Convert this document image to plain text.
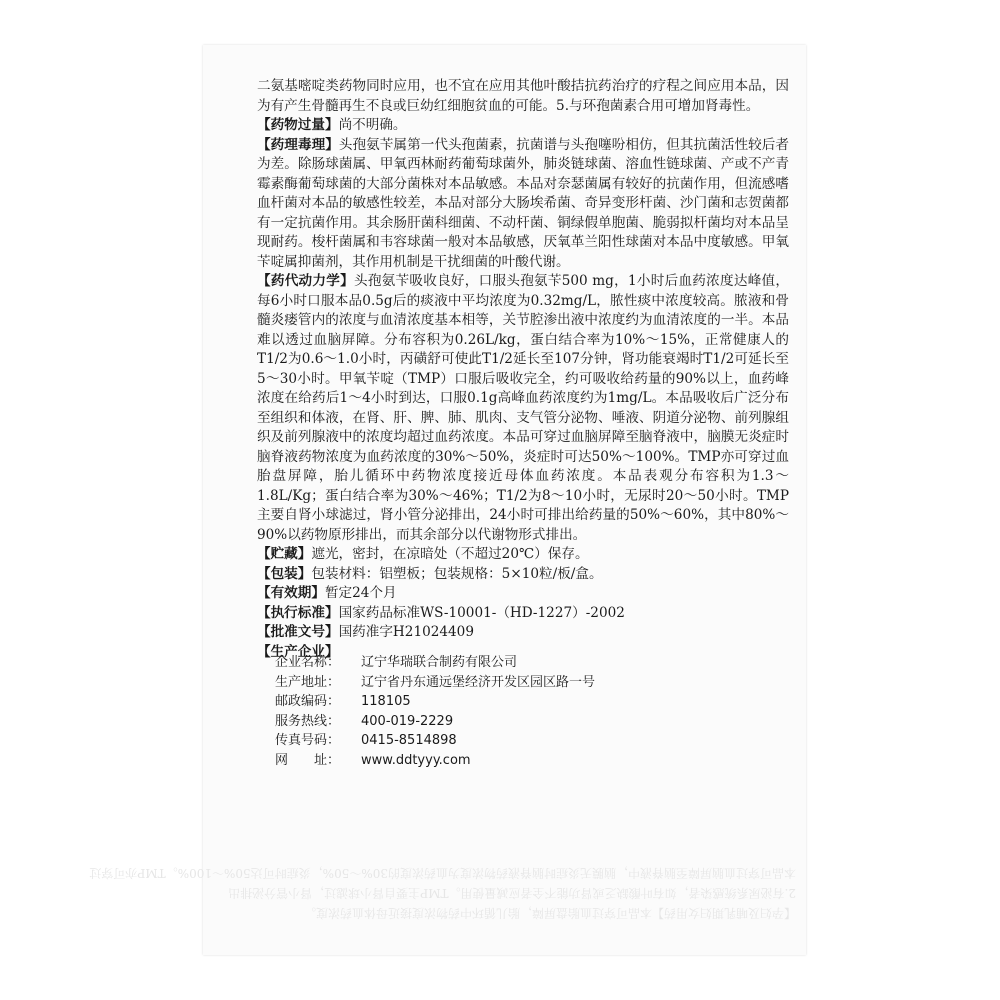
本品可穿过血脑屏障至脑脊液中，脑膜无炎症时脑脊液药物浓度为血药浓度的30%～50%，炎症时可达50%～100%。TMP亦可穿过
2.有泌尿系统感染者，如有叶酸缺乏或肾功能不全者应减量使用。TMP主要自肾小球滤过，肾小管分泌排出
【孕妇及哺乳期妇女用药】本品可穿过血胎盘屏障，胎儿循环中药物浓度接近母体血药浓度。

二氨基嘧啶类药物同时应用，也不宜在应用其他叶酸拮抗药治疗的疗程之间应用本品，因为有产生骨髓再生不良或巨幼红细胞贫血的可能。5.与环孢菌素合用可增加肾毒性。

【药物过量】尚不明确。

【药理毒理】头孢氨苄属第一代头孢菌素，抗菌谱与头孢噻吩相仿，但其抗菌活性较后者为差。除肠球菌属、甲氧西林耐药葡萄球菌外，肺炎链球菌、溶血性链球菌、产或不产青霉素酶葡萄球菌的大部分菌株对本品敏感。本品对奈瑟菌属有较好的抗菌作用，但流感嗜血杆菌对本品的敏感性较差，本品对部分大肠埃希菌、奇异变形杆菌、沙门菌和志贺菌都有一定抗菌作用。其余肠肝菌科细菌、不动杆菌、铜绿假单胞菌、脆弱拟杆菌均对本品呈现耐药。梭杆菌属和韦容球菌一般对本品敏感，厌氧革兰阳性球菌对本品中度敏感。甲氧苄啶属抑菌剂，其作用机制是干扰细菌的叶酸代谢。

【药代动力学】头孢氨苄吸收良好，口服头孢氨苄500 mg，1小时后血药浓度达峰值，每6小时口服本品0.5g后的痰液中平均浓度为0.32mg/L，脓性痰中浓度较高。脓液和骨髓炎瘘管内的浓度与血清浓度基本相等，关节腔渗出液中浓度约为血清浓度的一半。本品难以透过血脑屏障。分布容积为0.26L/kg，蛋白结合率为10%～15%，正常健康人的T1/2为0.6～1.0小时，丙磺舒可使此T1/2延长至107分钟，肾功能衰竭时T1/2可延长至5～30小时。甲氧苄啶（TMP）口服后吸收完全，约可吸收给药量的90%以上，血药峰浓度在给药后1～4小时到达，口服0.1g高峰血药浓度约为1mg/L。本品吸收后广泛分布至组织和体液，在肾、肝、脾、肺、肌肉、支气管分泌物、唾液、阴道分泌物、前列腺组织及前列腺液中的浓度均超过血药浓度。本品可穿过血脑屏障至脑脊液中，脑膜无炎症时脑脊液药物浓度为血药浓度的30%～50%，炎症时可达50%～100%。TMP亦可穿过血胎盘屏障，胎儿循环中药物浓度接近母体血药浓度。本品表观分布容积为1.3～1.8L/Kg；蛋白结合率为30%～46%；T1/2为8～10小时，无尿时20～50小时。TMP主要自肾小球滤过，肾小管分泌排出，24小时可排出给药量的50%～60%，其中80%～90%以药物原形排出，而其余部分以代谢物形式排出。

【贮藏】遮光，密封，在凉暗处（不超过20℃）保存。

【包装】包装材料：铝塑板；包装规格：5×10粒/板/盒。

【有效期】暂定24个月

【执行标准】国家药品标准WS-10001-（HD-1227）-2002

【批准文号】国药准字H21024409

【生产企业】

企业名称：	辽宁华瑞联合制药有限公司
生产地址：	辽宁省丹东通远堡经济开发区园区路一号
邮政编码：	118105
服务热线：	400-019-2229
传真号码：	0415-8514898
网　　址：	www.ddtyyy.com
